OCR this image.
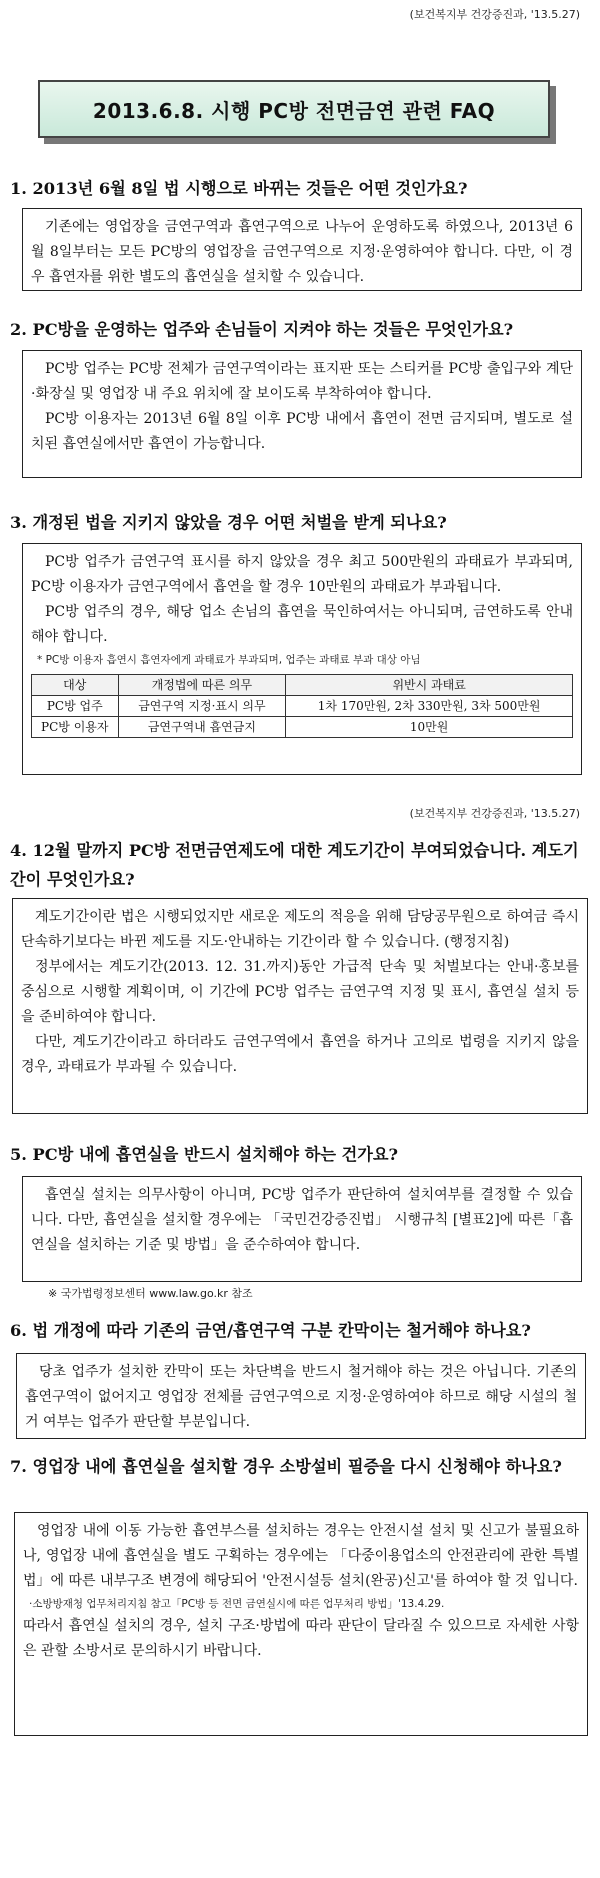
(보건복지부 건강증진과, '13.5.27)
2013.6.8. 시행 PC방 전면금연 관련 FAQ
1. 2013년 6월 8일 법 시행으로 바뀌는 것들은 어떤 것인가요?

기존에는 영업장을 금연구역과 흡연구역으로 나누어 운영하도록 하였으나, 2013년 6월 8일부터는 모든 PC방의 영업장을 금연구역으로 지정·운영하여야 합니다. 다만, 이 경우 흡연자를 위한 별도의 흡연실을 설치할 수 있습니다.

2. PC방을 운영하는 업주와 손님들이 지켜야 하는 것들은 무엇인가요?

PC방 업주는 PC방 전체가 금연구역이라는 표지판 또는 스티커를 PC방 출입구와 계단·화장실 및 영업장 내 주요 위치에 잘 보이도록 부착하여야 합니다.

PC방 이용자는 2013년 6월 8일 이후 PC방 내에서 흡연이 전면 금지되며, 별도로 설치된 흡연실에서만 흡연이 가능합니다.

3. 개정된 법을 지키지 않았을 경우 어떤 처벌을 받게 되나요?

PC방 업주가 금연구역 표시를 하지 않았을 경우 최고 500만원의 과태료가 부과되며, PC방 이용자가 금연구역에서 흡연을 할 경우 10만원의 과태료가 부과됩니다.

PC방 업주의 경우, 해당 업소 손님의 흡연을 묵인하여서는 아니되며, 금연하도록 안내해야 합니다.

* PC방 이용자 흡연시 흡연자에게 과태료가 부과되며, 업주는 과태료 부과 대상 아님
대상	개정법에 따른 의무	위반시 과태료
PC방 업주	금연구역 지정·표시 의무	1차 170만원, 2차 330만원, 3차 500만원
PC방 이용자	금연구역내 흡연금지	10만원
(보건복지부 건강증진과, '13.5.27)
4. 12월 말까지 PC방 전면금연제도에 대한 계도기간이 부여되었습니다. 계도기간이 무엇인가요?

계도기간이란 법은 시행되었지만 새로운 제도의 적응을 위해 담당공무원으로 하여금 즉시 단속하기보다는 바뀐 제도를 지도·안내하는 기간이라 할 수 있습니다. (행정지침)

정부에서는 계도기간(2013. 12. 31.까지)동안 가급적 단속 및 처벌보다는 안내·홍보를 중심으로 시행할 계획이며, 이 기간에 PC방 업주는 금연구역 지정 및 표시, 흡연실 설치 등을 준비하여야 합니다.

다만, 계도기간이라고 하더라도 금연구역에서 흡연을 하거나 고의로 법령을 지키지 않을 경우, 과태료가 부과될 수 있습니다.

5. PC방 내에 흡연실을 반드시 설치해야 하는 건가요?

흡연실 설치는 의무사항이 아니며, PC방 업주가 판단하여 설치여부를 결정할 수 있습니다. 다만, 흡연실을 설치할 경우에는 「국민건강증진법」 시행규칙 [별표2]에 따른「흡연실을 설치하는 기준 및 방법」을 준수하여야 합니다.

※ 국가법령정보센터 www.law.go.kr 참조
6. 법 개정에 따라 기존의 금연/흡연구역 구분 칸막이는 철거해야 하나요?

당초 업주가 설치한 칸막이 또는 차단벽을 반드시 철거해야 하는 것은 아닙니다. 기존의 흡연구역이 없어지고 영업장 전체를 금연구역으로 지정·운영하여야 하므로 해당 시설의 철거 여부는 업주가 판단할 부분입니다.

7. 영업장 내에 흡연실을 설치할 경우 소방설비 필증을 다시 신청해야 하나요?

영업장 내에 이동 가능한 흡연부스를 설치하는 경우는 안전시설 설치 및 신고가 불필요하나, 영업장 내에 흡연실을 별도 구획하는 경우에는 「다중이용업소의 안전관리에 관한 특별법」에 따른 내부구조 변경에 해당되어 '안전시설등 설치(완공)신고'를 하여야 할 것 입니다.

·소방방재청 업무처리지침 참고「PC방 등 전면 금연실시에 따른 업무처리 방법」'13.4.29.
따라서 흡연실 설치의 경우, 설치 구조·방법에 따라 판단이 달라질 수 있으므로 자세한 사항은 관할 소방서로 문의하시기 바랍니다.
